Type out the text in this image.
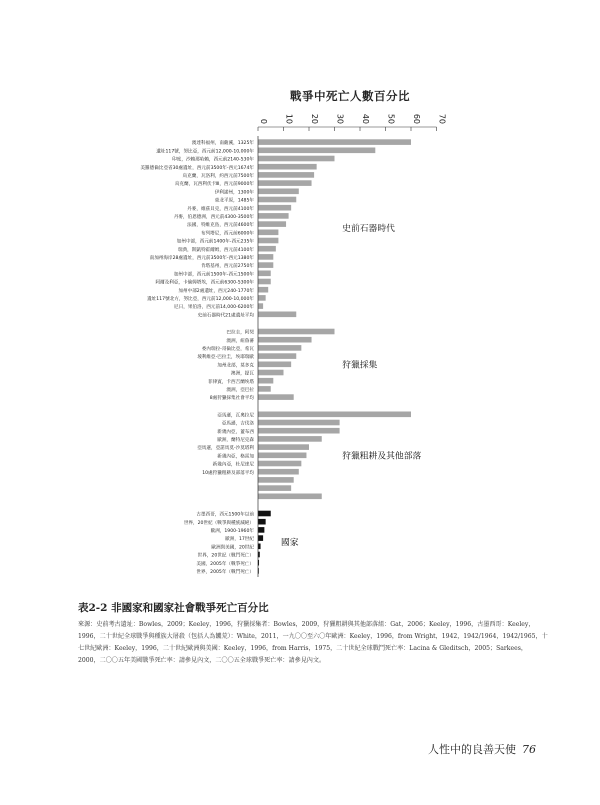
0 10 20 30 40 50 60 70
澳達科福州，南薩溪，1325年
遺址117號，努比亞，西元前12,000-10,000年
印度，沙賴那哈賴，西元前2140-530年
美羅德倫比亞省30處遺址，西元前3500年-西元1674年
烏克蘭，瓦洛利，約西元前7500年
烏克蘭，瓦西利伏卡Ⅲ，西元前9000年
伊利諾州，1300年
東北平原，1485年
丹麥，維茲貝克，西元前4100年
丹麥，伯恩德洲，西元前4300-3500年
法國，特維克島，西元前4600年
布列塔尼，西元前6000年
加州中部，西元前1400年-西元235年
瑞典，斯凱特霍爾姆，西元前4100年
南加州海岸28處遺址，西元前3500年-西元1380年
肯塔基州，西元前2750年
加州中部，西元前1500年-西元1500年
阿爾及利亞，卡倫姆塔埃，西元前6300-5300年
加州中部2處遺址，西元240-1770年
遺址117號北方，努比亞，西元前12,000-10,000年
尼日，果伯洛，西元前14,000-6200年
史前石器時代21處遺址平均
史前石器時代
巴拉圭，阿契
澳洲，紐魯蕃
委內瑞拉-哥倫比亞，希瓦
坡利維亞-巴拉圭，埃耶瑞歐
加州北部，莫多克
澳洲，提瓦
菲律賓，卡西吉蘭埃塔
澳洲，亞巴拉
8處狩獵採集社會平均
狩獵採集
亞馬遜，瓦奧拉尼
亞馬遜，吉伐洛
新幾內亞，蓋布西
歐洲，蘭特尼克森
亞馬遜，亞諾馬莫-沙莫塔利
新幾內亞，格雷加
新幾內亞，杜尼達尼
10處狩獵粗耕及部落平均
狩獵粗耕及其他部落
古墨西哥，西元1500年以前
世界，20世紀（戰爭與種族滅絕）
歐洲，1900-1960年
歐洲，17世紀
歐洲與美國，20世紀
世界，20世紀（戰鬥死亡）
美國，2005年（戰爭死亡）
世界，2005年（戰鬥死亡）
國家
戰爭中死亡人數百分比
表2-2 非國家和國家社會戰爭死亡百分比

來源：史前考古遺址：Bowles，2009；Keeley，1996，狩獵採集者：Bowles，2009，狩獵粗耕與其他部落組：Gat，2006；Keeley，1996，古墨西哥：Keeley，1996，二十世紀全球戰爭與種族大屠殺（包括人為饑荒）：White，2011，一九〇〇至六〇年歐洲：Keeley，1996，from Wright，1942，1942/1964，1942/1965，十七世紀歐洲：Keeley，1996，二十世紀歐洲與美國：Keeley，1996，from Harris，1975，二十世紀全球戰鬥死亡率：Lacina & Gleditsch，2005；Sarkees，2000，二〇〇五年美國戰爭死亡率：請參見內文，二〇〇五全球戰爭死亡率：請參見內文。

人性中的良善天使 76
